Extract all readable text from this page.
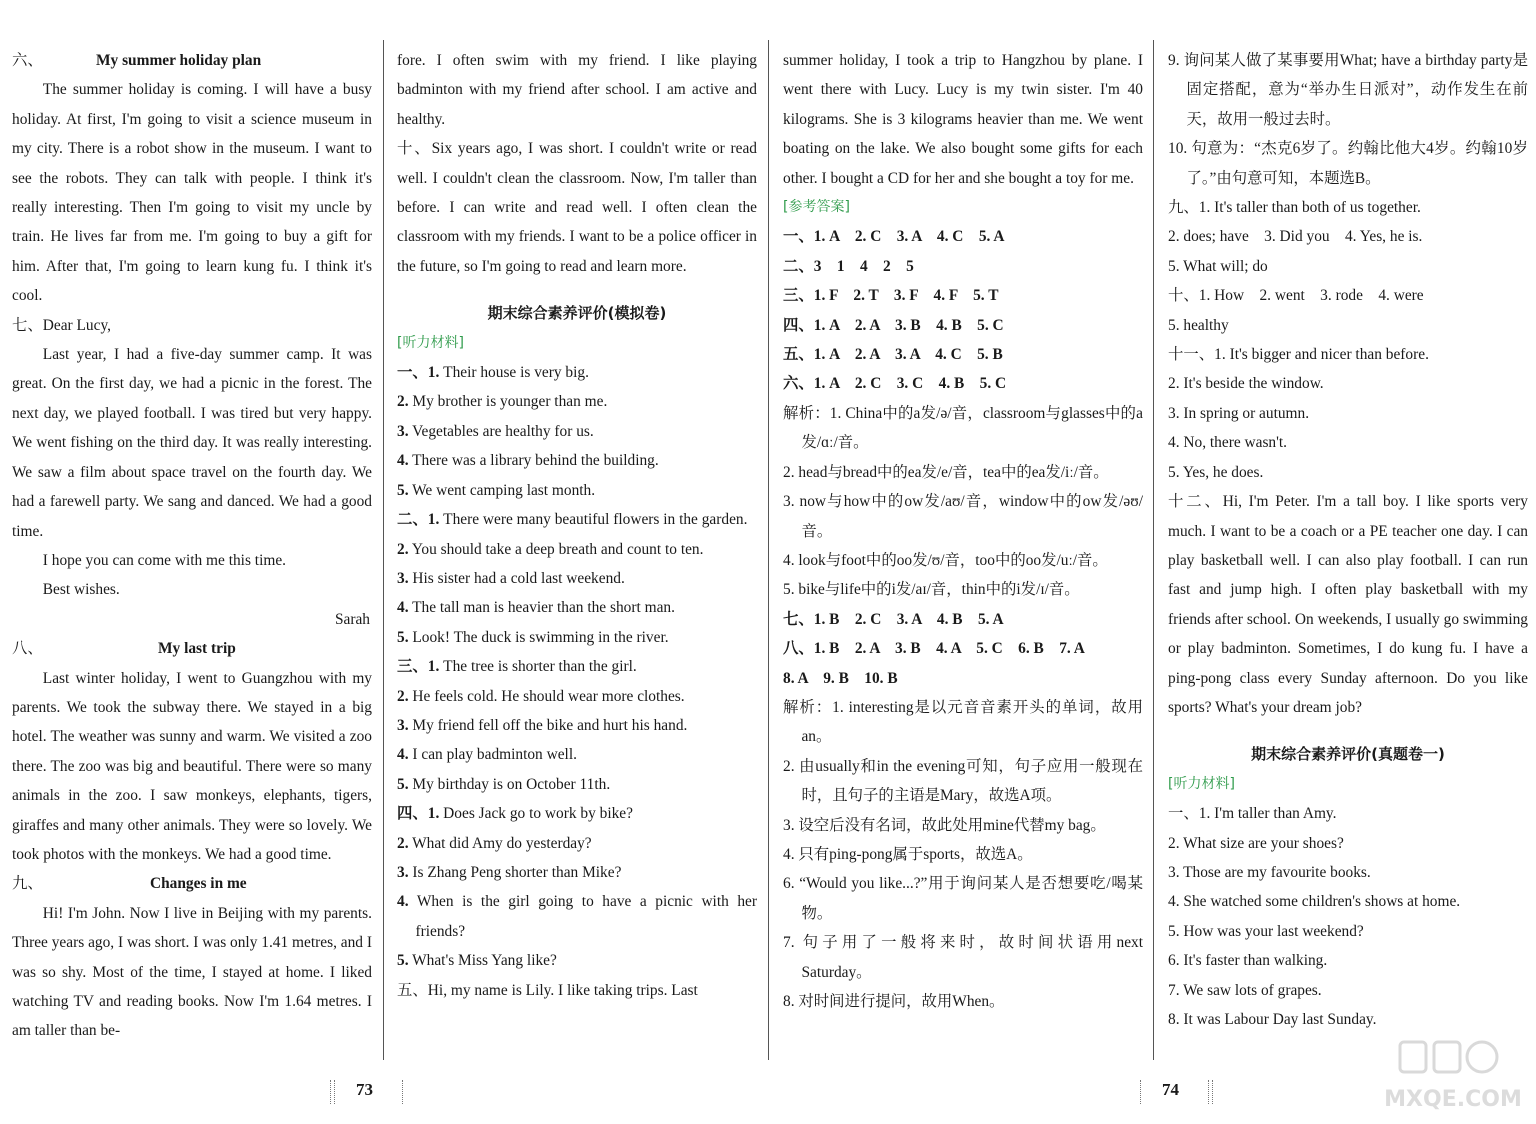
六、	My summer holiday plan

The summer holiday is coming. I will have a busy holiday. At first, I'm going to visit a science museum in my city. There is a robot show in the museum. I want to see the robots. They can talk with people. I think it's really interesting. Then I'm going to visit my uncle by train. He lives far from me. I'm going to buy a gift for him. After that, I'm going to learn kung fu. I think it's cool.

七、Dear Lucy,

Last year, I had a five-day summer camp. It was great. On the first day, we had a picnic in the forest. The next day, we played football. I was tired but very happy. We went fishing on the third day. It was really interesting. We saw a film about space travel on the fourth day. We had a farewell party. We sang and danced. We had a good time.

I hope you can come with me this time.

Best wishes.

Sarah

八、	My last trip

Last winter holiday, I went to Guangzhou with my parents. We took the subway there. We stayed in a big hotel. The weather was sunny and warm. We visited a zoo there. The zoo was big and beautiful. There were so many animals in the zoo. I saw monkeys, elephants, tigers, giraffes and many other animals. They were so lovely. We took photos with the monkeys. We had a good time.

九、	Changes in me

Hi! I'm John. Now I live in Beijing with my parents. Three years ago, I was short. I was only 1.41 metres, and I was so shy. Most of the time, I stayed at home. I liked watching TV and reading books. Now I'm 1.64 metres. I am taller than be-

fore. I often swim with my friend. I like playing badminton with my friend after school. I am active and healthy.

十、Six years ago, I was short. I couldn't write or read well. I couldn't clean the classroom. Now, I'm taller than before. I can write and read well. I often clean the classroom with my friends. I want to be a police officer in the future, so I'm going to read and learn more.

期末综合素养评价(模拟卷)

[听力材料]

一、1. Their house is very big.

2. My brother is younger than me.

3. Vegetables are healthy for us.

4. There was a library behind the building.

5. We went camping last month.

二、1. There were many beautiful flowers in the garden.

2. You should take a deep breath and count to ten.

3. His sister had a cold last weekend.

4. The tall man is heavier than the short man.

5. Look! The duck is swimming in the river.

三、1. The tree is shorter than the girl.

2. He feels cold. He should wear more clothes.

3. My friend fell off the bike and hurt his hand.

4. I can play badminton well.

5. My birthday is on October 11th.

四、1. Does Jack go to work by bike?

2. What did Amy do yesterday?

3. Is Zhang Peng shorter than Mike?

4. When is the girl going to have a picnic with her friends?

5. What's Miss Yang like?

五、Hi, my name is Lily. I like taking trips. Last

summer holiday, I took a trip to Hangzhou by plane. I went there with Lucy. Lucy is my twin sister. I'm 40 kilograms. She is 3 kilograms heavier than me. We went boating on the lake. We also bought some gifts for each other. I bought a CD for her and she bought a toy for me.

[参考答案]

一、1. A　2. C　3. A　4. C　5. A

二、3　1　4　2　5

三、1. F　2. T　3. F　4. F　5. T

四、1. A　2. A　3. B　4. B　5. C

五、1. A　2. A　3. A　4. C　5. B

六、1. A　2. C　3. C　4. B　5. C

解析：1. China中的a发/ə/音，classroom与glasses中的a发/ɑː/音。

2. head与bread中的ea发/e/音，tea中的ea发/iː/音。

3. now与how中的ow发/aʊ/音，window中的ow发/əʊ/音。

4. look与foot中的oo发/ʊ/音，too中的oo发/uː/音。

5. bike与life中的i发/aɪ/音，thin中的i发/ɪ/音。

七、1. B　2. C　3. A　4. B　5. A

八、1. B　2. A　3. B　4. A　5. C　6. B　7. A

8. A　9. B　10. B

解析：1. interesting是以元音音素开头的单词，故用an。

2. 由usually和in the evening可知，句子应用一般现在时，且句子的主语是Mary，故选A项。

3. 设空后没有名词，故此处用mine代替my bag。

4. 只有ping-pong属于sports，故选A。

6. “Would you like...?”用于询问某人是否想要吃/喝某物。

7. 句子用了一般将来时，故时间状语用next Saturday。

8. 对时间进行提问，故用When。

9. 询问某人做了某事要用What; have a birthday party是固定搭配，意为“举办生日派对”，动作发生在前天，故用一般过去时。

10. 句意为：“杰克6岁了。约翰比他大4岁。约翰10岁了。”由句意可知，本题选B。

九、1. It's taller than both of us together.

2. does; have　3. Did you　4. Yes, he is.

5. What will; do

十、1. How　2. went　3. rode　4. were

5. healthy

十一、1. It's bigger and nicer than before.

2. It's beside the window.

3. In spring or autumn.

4. No, there wasn't.

5. Yes, he does.

十二、Hi, I'm Peter. I'm a tall boy. I like sports very much. I want to be a coach or a PE teacher one day. I can play basketball well. I can also play football. I can run fast and jump high. I often play basketball with my friends after school. On weekends, I usually go swimming or play badminton. Sometimes, I do kung fu. I have a ping-pong class every Sunday afternoon. Do you like sports? What's your dream job?

期末综合素养评价(真题卷一)

[听力材料]

一、1. I'm taller than Amy.

2. What size are your shoes?

3. Those are my favourite books.

4. She watched some children's shows at home.

5. How was your last weekend?

6. It's faster than walking.

7. We saw lots of grapes.

8. It was Labour Day last Sunday.

73	74	MXQE.COM
